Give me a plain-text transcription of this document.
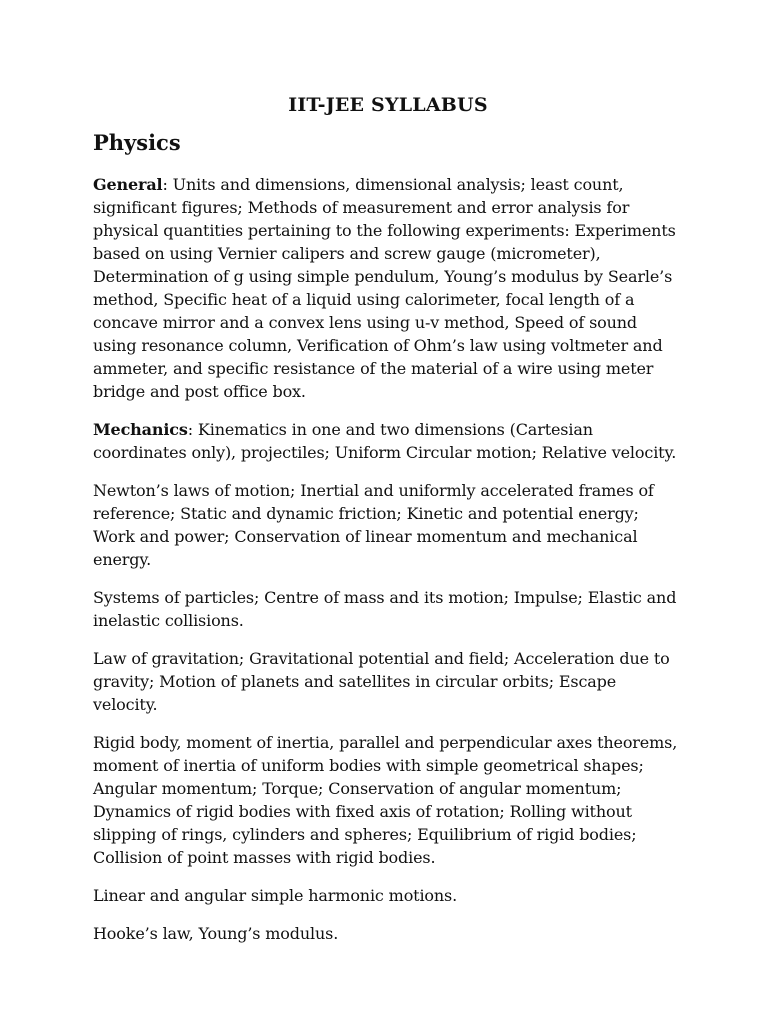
IIT-JEE SYLLABUS
Physics

General: Units and dimensions, dimensional analysis; least count, significant figures; Methods of measurement and error analysis for physical quantities pertaining to the following experiments: Experiments based on using Vernier calipers and screw gauge (micrometer), Determination of g using simple pendulum, Young’s modulus by Searle’s method, Specific heat of a liquid using calorimeter, focal length of a concave mirror and a convex lens using u-v method, Speed of sound using resonance column, Verification of Ohm’s law using voltmeter and ammeter, and specific resistance of the material of a wire using meter bridge and post office box.

Mechanics: Kinematics in one and two dimensions (Cartesian coordinates only), projectiles; Uniform Circular motion; Relative velocity.

Newton’s laws of motion; Inertial and uniformly accelerated frames of reference; Static and dynamic friction; Kinetic and potential energy; Work and power; Conservation of linear momentum and mechanical energy.

Systems of particles; Centre of mass and its motion; Impulse; Elastic and inelastic collisions.

Law of gravitation; Gravitational potential and field; Acceleration due to gravity; Motion of planets and satellites in circular orbits; Escape velocity.

Rigid body, moment of inertia, parallel and perpendicular axes theorems, moment of inertia of uniform bodies with simple geometrical shapes; Angular momentum; Torque; Conservation of angular momentum; Dynamics of rigid bodies with fixed axis of rotation; Rolling without slipping of rings, cylinders and spheres; Equilibrium of rigid bodies; Collision of point masses with rigid bodies.

Linear and angular simple harmonic motions.

Hooke’s law, Young’s modulus.
